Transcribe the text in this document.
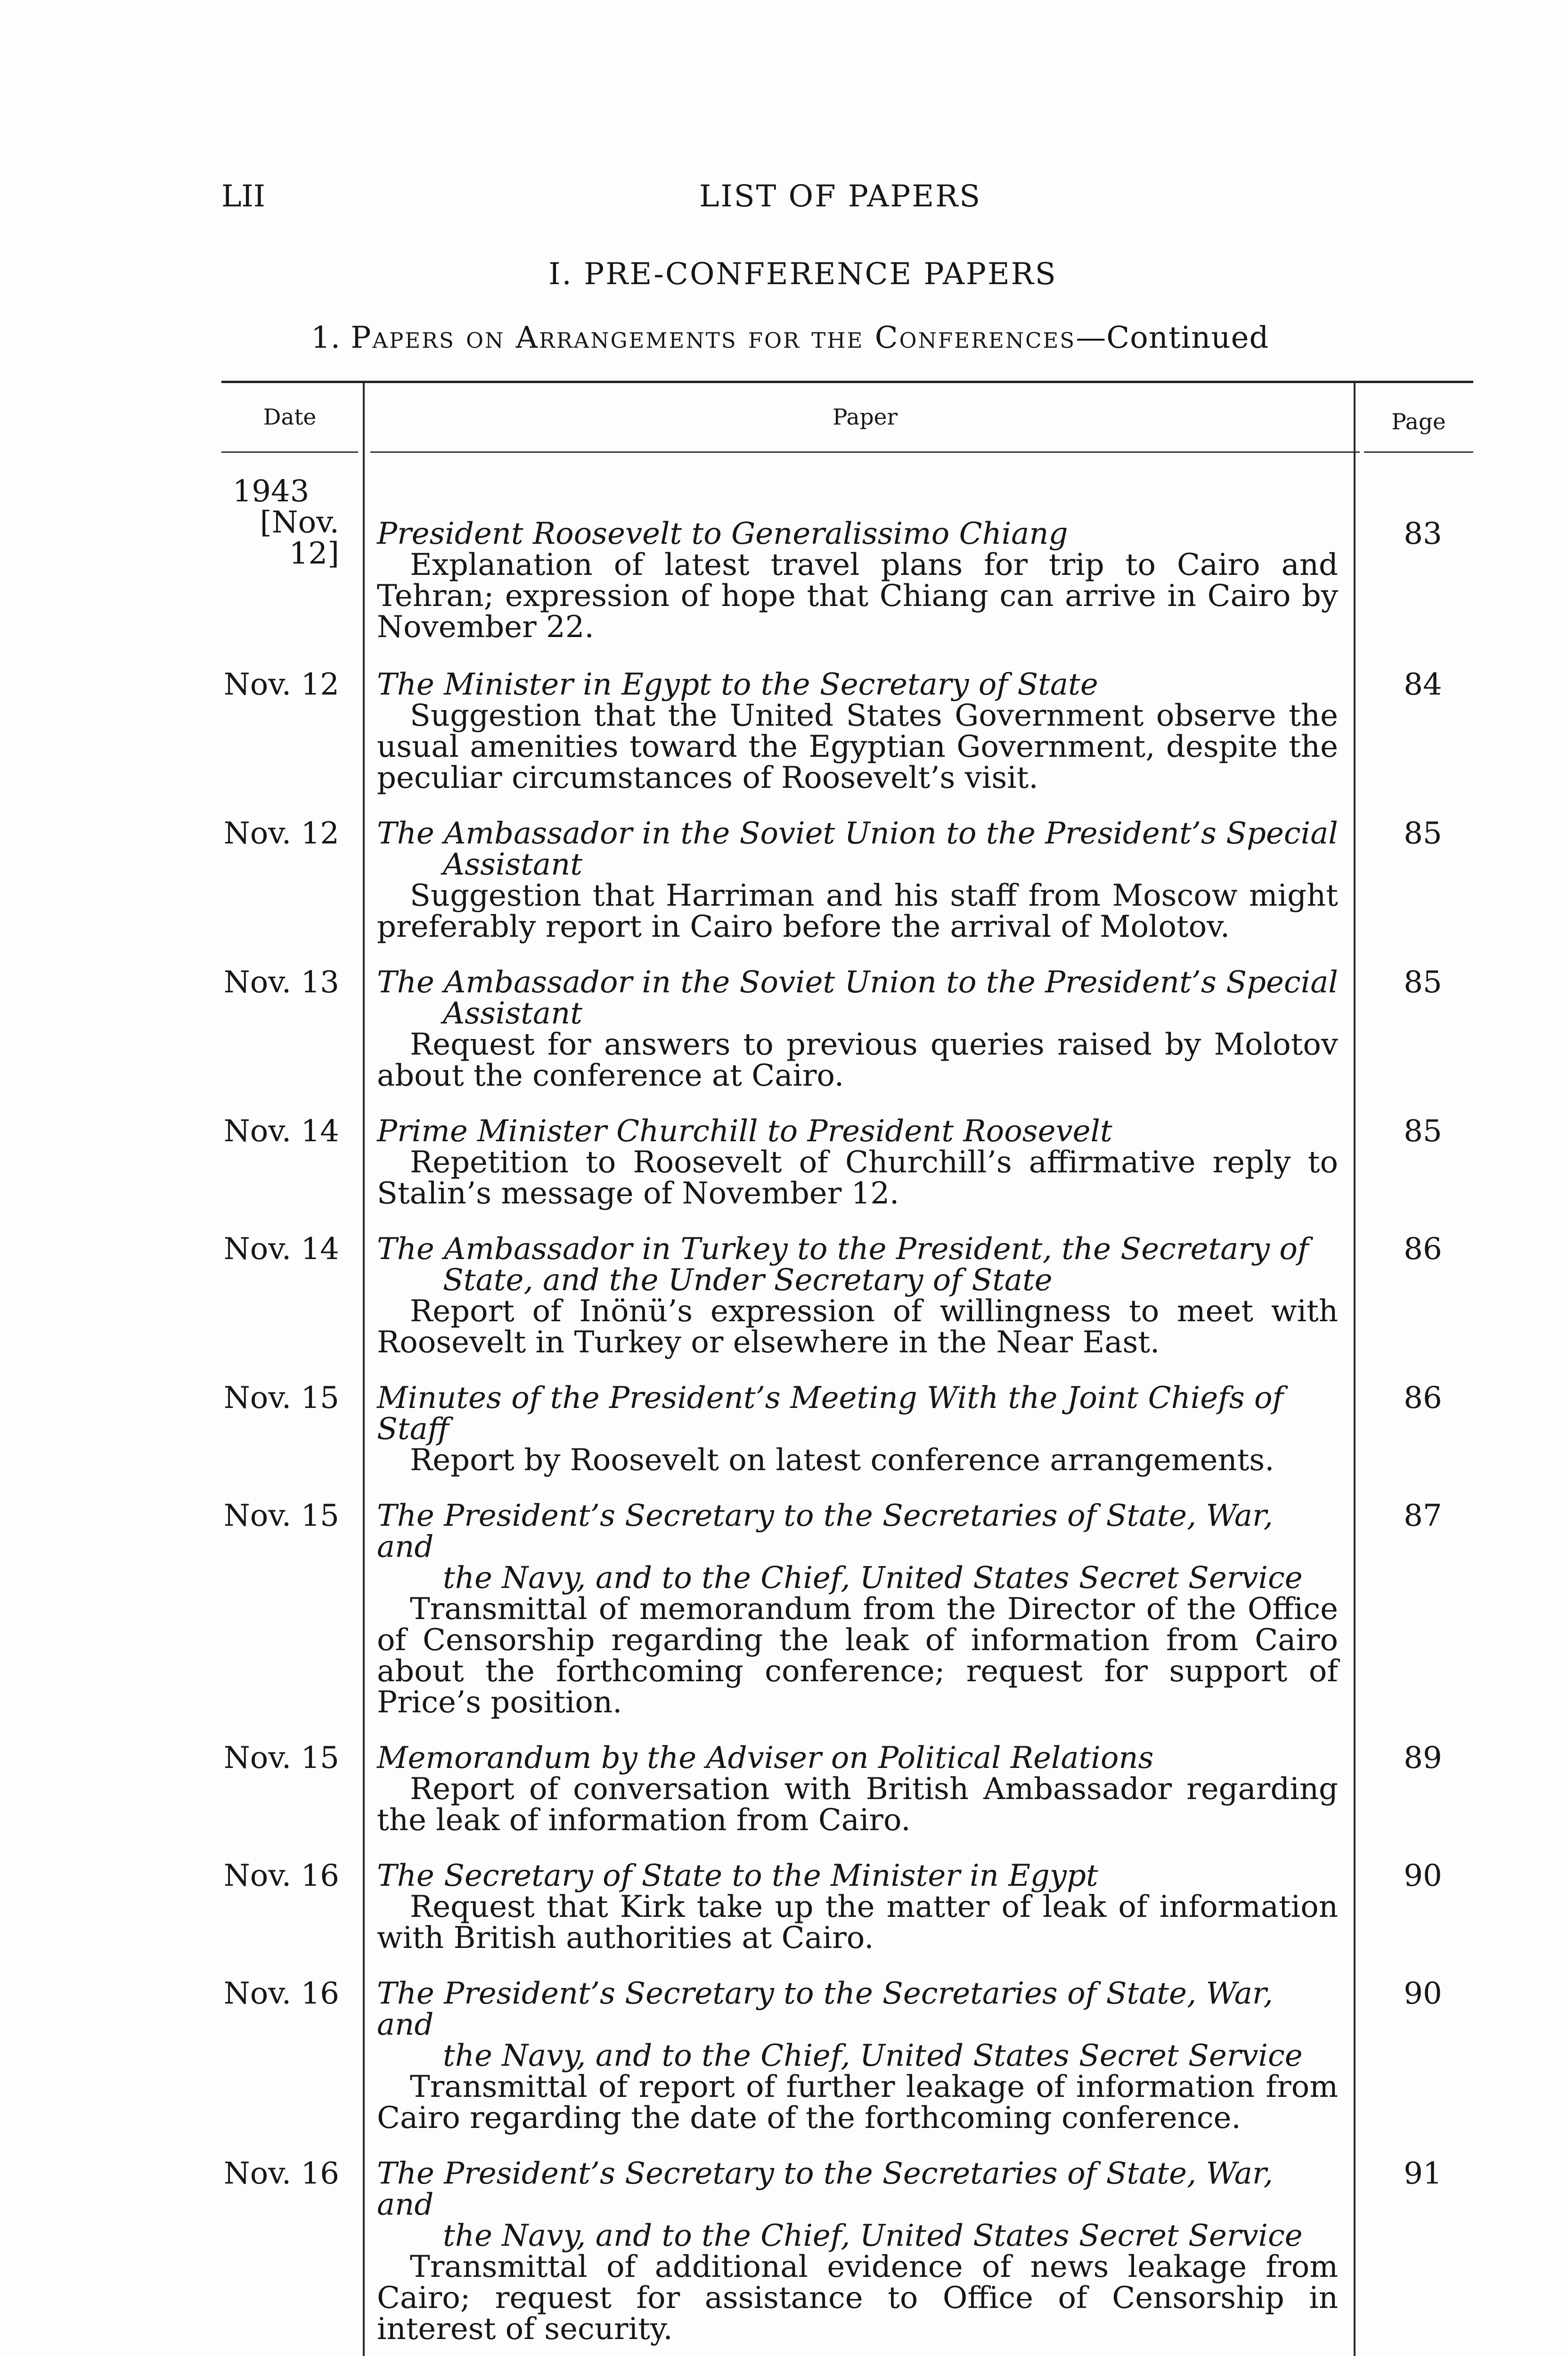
LII	LIST OF PAPERS
I. PRE-CONFERENCE PAPERS
1. Papers on Arrangements for the Conferences—Continued
Date	Paper	Page
1943
[Nov. 12]
President Roosevelt to Generalissimo Chiang
Explanation of latest travel plans for trip to Cairo and Tehran; expression of hope that Chiang can arrive in Cairo by November 22.
83
Nov. 12 The Minister in Egypt to the Secretary of State
Suggestion that the United States Government observe the usual amenities toward the Egyptian Government, despite the peculiar circumstances of Roosevelt’s visit.
84
Nov. 12 The Ambassador in the Soviet Union to the President’s Special
Assistant
Suggestion that Harriman and his staff from Moscow might preferably report in Cairo before the arrival of Molotov.
85
Nov. 13 The Ambassador in the Soviet Union to the President’s Special
Assistant
Request for answers to previous queries raised by Molotov about the conference at Cairo.
85
Nov. 14 Prime Minister Churchill to President Roosevelt
Repetition to Roosevelt of Churchill’s affirmative reply to Stalin’s message of November 12.
85
Nov. 14 The Ambassador in Turkey to the President, the Secretary of
State, and the Under Secretary of State
Report of Inönü’s expression of willingness to meet with Roosevelt in Turkey or elsewhere in the Near East.
86
Nov. 15 Minutes of the President’s Meeting With the Joint Chiefs of Staff
Report by Roosevelt on latest conference arrangements.
86
Nov. 15 The President’s Secretary to the Secretaries of State, War, and
the Navy, and to the Chief, United States Secret Service
Transmittal of memorandum from the Director of the Office of Censorship regarding the leak of information from Cairo about the forthcoming conference; request for support of Price’s position.
87
Nov. 15 Memorandum by the Adviser on Political Relations
Report of conversation with British Ambassador regarding the leak of information from Cairo.
89
Nov. 16 The Secretary of State to the Minister in Egypt
Request that Kirk take up the matter of leak of information with British authorities at Cairo.
90
Nov. 16 The President’s Secretary to the Secretaries of State, War, and
the Navy, and to the Chief, United States Secret Service
Transmittal of report of further leakage of information from Cairo regarding the date of the forthcoming conference.
90
Nov. 16 The President’s Secretary to the Secretaries of State, War, and
the Navy, and to the Chief, United States Secret Service
Transmittal of additional evidence of news leakage from Cairo; request for assistance to Office of Censorship in interest of security.
91
